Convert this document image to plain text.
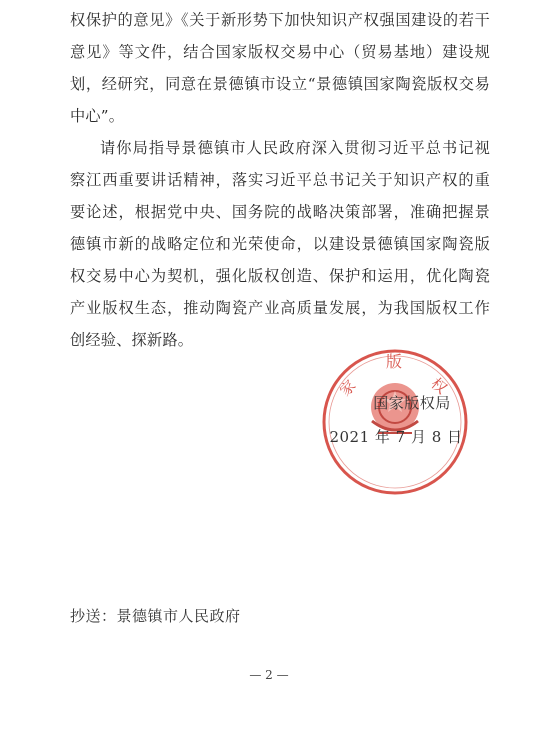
权保护的意见》《关于新形势下加快知识产权强国建设的若干
意见》等文件，结合国家版权交易中心（贸易基地）建设规
划，经研究，同意在景德镇市设立“景德镇国家陶瓷版权交易
中心”。
请你局指导景德镇市人民政府深入贯彻习近平总书记视
察江西重要讲话精神，落实习近平总书记关于知识产权的重
要论述，根据党中央、国务院的战略决策部署，准确把握景
德镇市新的战略定位和光荣使命，以建设景德镇国家陶瓷版
权交易中心为契机，强化版权创造、保护和运用，优化陶瓷
产业版权生态，推动陶瓷产业高质量发展，为我国版权工作
创经验、探新路。
家
版
权
国家版权局
2021 年 7 月 8 日
抄送：景德镇市人民政府
— 2 —
